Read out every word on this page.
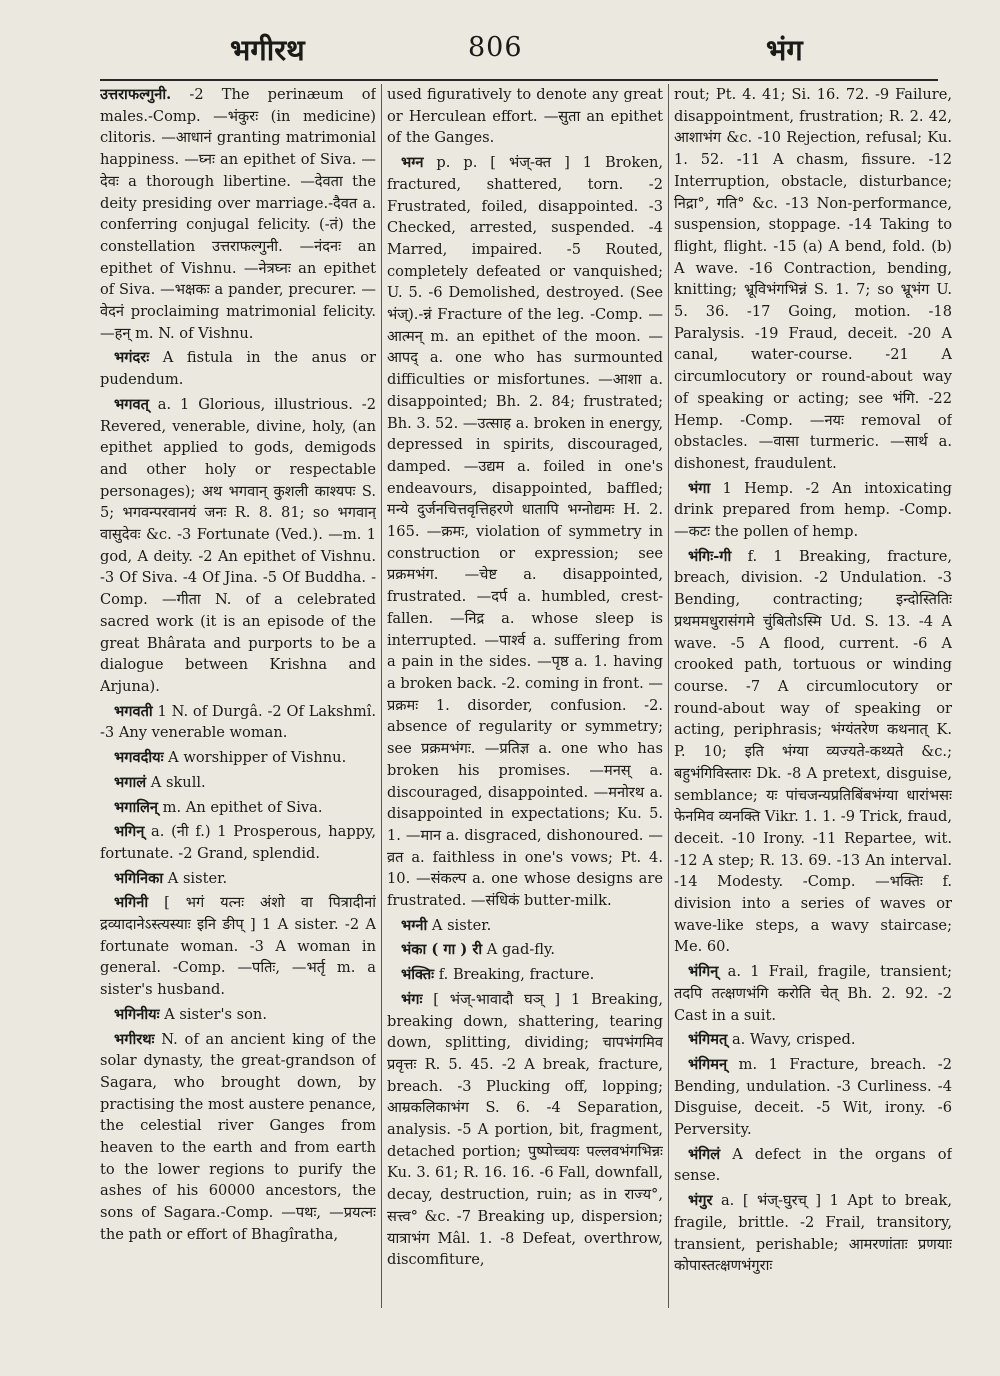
भगीरथ	806	भंग

उत्तराफल्गुनी. -2 The perinæum of males.-Comp. —भंकुरः (in medicine) clitoris. —आधानं granting matrimonial happiness. —घ्नः an epithet of Siva. —देवः a thorough libertine. —देवता the deity presiding over marriage.-दैवत a. conferring conjugal felicity. (-तं) the constellation उत्तराफल्गुनी. —नंदनः an epithet of Vishnu. —नेत्रघ्नः an epithet of Siva. —भक्षकः a pander, precurer. —वेदनं proclaiming matrimonial felicity. —हन् m. N. of Vishnu.

भगंदरः A fistula in the anus or pudendum.

भगवत् a. 1 Glorious, illustrious. -2 Revered, venerable, divine, holy, (an epithet applied to gods, demigods and other holy or respectable personages); अथ भगवान् कुशली काश्यपः S. 5; भगवन्परवानयं जनः R. 8. 81; so भगवान् वासुदेवः &c. -3 Fortunate (Ved.). —m. 1 god, A deity. -2 An epithet of Vishnu. -3 Of Siva. -4 Of Jina. -5 Of Buddha. -Comp. —गीता N. of a celebrated sacred work (it is an episode of the great Bhârata and purports to be a dialogue between Krishna and Arjuna).

भगवती 1 N. of Durgâ. -2 Of Lakshmî. -3 Any venerable woman.

भगवदीयः A worshipper of Vishnu.

भगालं A skull.

भगालिन् m. An epithet of Siva.

भगिन् a. (नी f.) 1 Prosperous, happy, fortunate. -2 Grand, splendid.

भगिनिका A sister.

भगिनी [ भगं यत्नः अंशो वा पित्रादीनां द्रव्यादानेऽस्त्यस्याः इनि ङीप् ] 1 A sister. -2 A fortunate woman. -3 A woman in general. -Comp. —पतिः, —भर्तृ m. a sister's husband.

भगिनीयः A sister's son.

भगीरथः N. of an ancient king of the solar dynasty, the great-grandson of Sagara, who brought down, by practising the most austere penance, the celestial river Ganges from heaven to the earth and from earth to the lower regions to purify the ashes of his 60000 ancestors, the sons of Sagara.-Comp. —पथः, —प्रयत्नः the path or effort of Bhagîratha,

used figuratively to denote any great or Herculean effort. —सुता an epithet of the Ganges.

भग्न p. p. [ भंज्-क्त ] 1 Broken, fractured, shattered, torn. -2 Frustrated, foiled, disappointed. -3 Checked, arrested, suspended. -4 Marred, impaired. -5 Routed, completely defeated or vanquished; U. 5. -6 Demolished, destroyed. (See भंज्).-न्नं Fracture of the leg. -Comp. —आत्मन् m. an epithet of the moon. —आपद् a. one who has surmounted difficulties or misfortunes. —आशा a. disappointed; Bh. 2. 84; frustrated; Bh. 3. 52. —उत्साह a. broken in energy, depressed in spirits, discouraged, damped. —उद्यम a. foiled in one's endeavours, disappointed, baffled; मन्ये दुर्जनचित्तवृत्तिहरणे धातापि भग्नोद्यमः H. 2. 165. —क्रमः, violation of symmetry in construction or expression; see प्रक्रमभंग. —चेष्ट a. disappointed, frustrated. —दर्प a. humbled, crest-fallen. —निद्र a. whose sleep is interrupted. —पार्श्व a. suffering from a pain in the sides. —पृष्ठ a. 1. having a broken back. -2. coming in front. —प्रक्रमः 1. disorder, confusion. -2. absence of regularity or symmetry; see प्रक्रमभंगः. —प्रतिज्ञ a. one who has broken his promises. —मनस् a. discouraged, disappointed. —मनोरथ a. disappointed in expectations; Ku. 5. 1. —मान a. disgraced, dishonoured. —व्रत a. faithless in one's vows; Pt. 4. 10. —संकल्प a. one whose designs are frustrated. —संधिकं butter-milk.

भग्नी A sister.

भंका ( गा ) री A gad-fly.

भंक्तिः f. Breaking, fracture.

भंगः [ भंज्-भावादौ घञ् ] 1 Breaking, breaking down, shattering, tearing down, splitting, dividing; चापभंगमिव प्रवृत्तः R. 5. 45. -2 A break, fracture, breach. -3 Plucking off, lopping; आम्रकलिकाभंग S. 6. -4 Separation, analysis. -5 A portion, bit, fragment, detached portion; पुष्पोच्चयः पल्लवभंगभिन्नः Ku. 3. 61; R. 16. 16. -6 Fall, downfall, decay, destruction, ruin; as in राज्य°, सत्त्व° &c. -7 Breaking up, dispersion; यात्राभंग Mâl. 1. -8 Defeat, overthrow, discomfiture,

rout; Pt. 4. 41; Si. 16. 72. -9 Failure, disappointment, frustration; R. 2. 42, आशाभंग &c. -10 Rejection, refusal; Ku. 1. 52. -11 A chasm, fissure. -12 Interruption, obstacle, disturbance; निद्रा°, गति° &c. -13 Non-performance, suspension, stoppage. -14 Taking to flight, flight. -15 (a) A bend, fold. (b) A wave. -16 Contraction, bending, knitting; भ्रूविभंगभिन्नं S. 1. 7; so भ्रूभंग U. 5. 36. -17 Going, motion. -18 Paralysis. -19 Fraud, deceit. -20 A canal, water-course. -21 A circumlocutory or round-about way of speaking or acting; see भंगि. -22 Hemp. -Comp. —नयः removal of obstacles. —वासा turmeric. —सार्थ a. dishonest, fraudulent.

भंगा 1 Hemp. -2 An intoxicating drink prepared from hemp. -Comp. —कटः the pollen of hemp.

भंगिः-गी f. 1 Breaking, fracture, breach, division. -2 Undulation. -3 Bending, contracting; इन्दोस्तितिः प्रथममधुरासंगमे चुंबितोऽस्मि Ud. S. 13. -4 A wave. -5 A flood, current. -6 A crooked path, tortuous or winding course. -7 A circumlocutory or round-about way of speaking or acting, periphrasis; भंग्यंतरेण कथनात् K. P. 10; इति भंग्या व्यज्यते-कथ्यते &c.; बहुभंगिविस्तारः Dk. -8 A pretext, disguise, semblance; यः पांचजन्यप्रतिबिंबभंग्या धारांभसः फेनमिव व्यनक्ति Vikr. 1. 1. -9 Trick, fraud, deceit. -10 Irony. -11 Repartee, wit. -12 A step; R. 13. 69. -13 An interval. -14 Modesty. -Comp. —भक्तिः f. division into a series of waves or wave-like steps, a wavy staircase; Me. 60.

भंगिन् a. 1 Frail, fragile, transient; तदपि तत्क्षणभंगि करोति चेत् Bh. 2. 92. -2 Cast in a suit.

भंगिमत् a. Wavy, crisped.

भंगिमन् m. 1 Fracture, breach. -2 Bending, undulation. -3 Curliness. -4 Disguise, deceit. -5 Wit, irony. -6 Perversity.

भंगिलं A defect in the organs of sense.

भंगुर a. [ भंज्-घुरच् ] 1 Apt to break, fragile, brittle. -2 Frail, transitory, transient, perishable; आमरणांताः प्रणयाः कोपास्तत्क्षणभंगुराः
